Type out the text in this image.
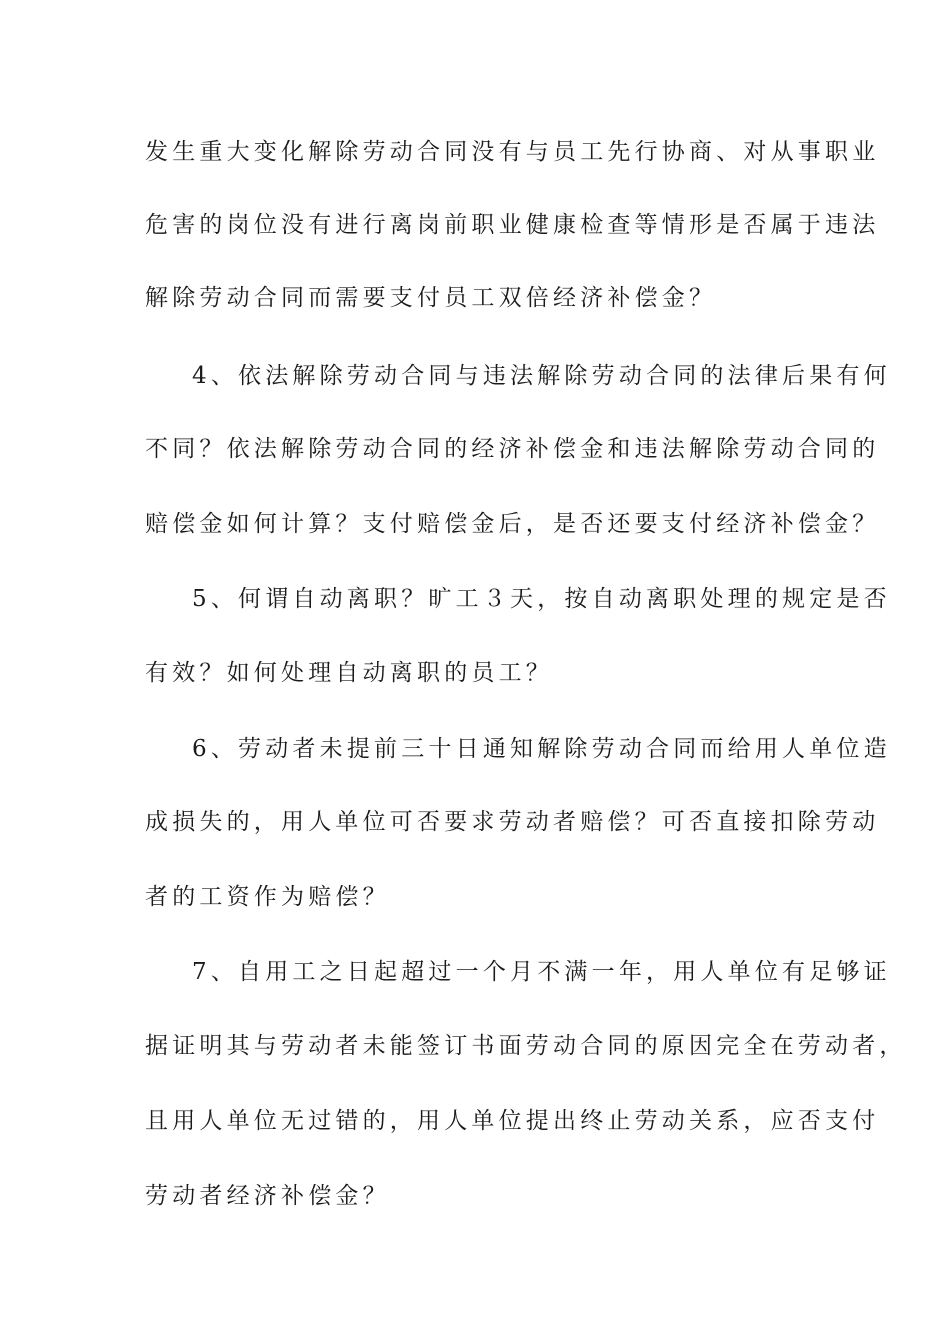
发生重大变化解除劳动合同没有与员工先行协商、对从事职业
危害的岗位没有进行离岗前职业健康检查等情形是否属于违法
解除劳动合同而需要支付员工双倍经济补偿金？
4、依法解除劳动合同与违法解除劳动合同的法律后果有何
不同？依法解除劳动合同的经济补偿金和违法解除劳动合同的
赔偿金如何计算？支付赔偿金后，是否还要支付经济补偿金？
5、何谓自动离职？旷工３天，按自动离职处理的规定是否
有效？如何处理自动离职的员工？
6、劳动者未提前三十日通知解除劳动合同而给用人单位造
成损失的，用人单位可否要求劳动者赔偿？可否直接扣除劳动
者的工资作为赔偿？
7、自用工之日起超过一个月不满一年，用人单位有足够证
据证明其与劳动者未能签订书面劳动合同的原因完全在劳动者，
且用人单位无过错的，用人单位提出终止劳动关系，应否支付
劳动者经济补偿金？
